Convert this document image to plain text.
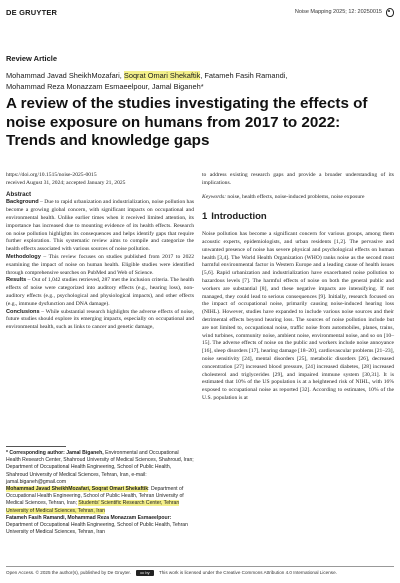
DE GRUYTER	Noise Mapping 2025; 12: 20250015
Review Article
Mohammad Javad SheikhMozafari, Soqrat Omari Shekaftik, Fatameh Fasih Ramandi,
Mohammad Reza Monazzam Esmaeelpour, Jamal Biganeh*
A review of the studies investigating the effects of noise exposure on humans from 2017 to 2022: Trends and knowledge gaps
https://doi.org/10.1515/noise-2025-0015
received August 31, 2024; accepted January 21, 2025
Abstract

Background – Due to rapid urbanization and industrialization, noise pollution has become a growing global concern, with significant impacts on occupational and environmental health. Unlike earlier times when it received limited attention, its importance has increased due to mounting evidence of its health effects. Research on noise pollution highlights its consequences and helps identify gaps that require further exploration. This systematic review aims to compile and categorize the health effects associated with various sources of noise pollution.

Methodology – This review focuses on studies published from 2017 to 2022 examining the impact of noise on human health. Eligible studies were identified through comprehensive searches on PubMed and Web of Science.

Results – Out of 1,042 studies retrieved, 287 met the inclusion criteria. The health effects of noise were categorized into auditory effects (e.g., hearing loss), non-auditory effects (e.g., psychological and physiological impacts), and other effects (e.g., immune dysfunction and DNA damage).

Conclusions – While substantial research highlights the adverse effects of noise, future studies should explore its emerging impacts, especially on occupational and environmental health, such as links to cancer and genetic damage,

* Corresponding author: Jamal Biganeh, Environmental and Occupational Health Research Center, Shahroud University of Medical Sciences, Shahroud, Iran; Department of Occupational Health Engineering, School of Public Health, Shahroud University of Medical Sciences, Tehran, Iran, e-mail: jamal.biganeh@gmail.com

Mohammad Javad SheikhMozafari, Soqrat Omari Shekaftik: Department of Occupational Health Engineering, School of Public Health, Tehran University of Medical Sciences, Tehran, Iran; Students' Scientific Research Center, Tehran University of Medical Sciences, Tehran, Iran

Fatameh Fasih Ramandi, Mohammad Reza Monazzam Esmaeelpour: Department of Occupational Health Engineering, School of Public Health, Tehran University of Medical Sciences, Tehran, Iran

to address existing research gaps and provide a broader understanding of its implications.

Keywords: noise, health effects, noise-induced problems, noise exposure

1 Introduction

Noise pollution has become a significant concern for various groups, among them acoustic experts, epidemiologists, and urban residents [1,2]. The pervasive and unwanted presence of noise has severe physical and psychological effects on human health [3,4]. The World Health Organization (WHO) ranks noise as the second most harmful environmental factor in Western Europe and a leading cause of health issues [5,6]. Rapid urbanization and industrialization have exacerbated noise pollution to hazardous levels [7]. The harmful effects of noise on both the general public and workers are substantial [8], and these negative impacts are intensifying. If not managed, they could lead to serious consequences [9]. Initially, research focused on the impact of occupational noise, primarily causing noise-induced hearing loss (NIHL). However, studies have expanded to include various noise sources and their detrimental effects beyond hearing loss. The sources of noise pollution include but are not limited to, occupational noise, traffic noise from automobiles, planes, trains, wind turbines, community noise, ambient noise, environmental noise, and so on [10–15]. The adverse effects of noise on the public and workers include noise annoyance [16], sleep disorders [17], hearing damage [18–20], cardiovascular problems [21–23], noise sensitivity [24], mental disorders [25], metabolic disorders [26], decreased concentration [27] increased blood pressure, [24] increased diabetes, [28] increased cholesterol and triglycerides [29], and impaired immune system [30,31]. It is estimated that 10% of the US population is at a heightened risk of NIHL, with 16% exposed to occupational noise as reported [32]. According to estimates, 10% of the U.S. population is at

Open Access. © 2025 the author(s), published by De Gruyter.	cc by	This work is licensed under the Creative Commons Attribution 4.0 International License.
